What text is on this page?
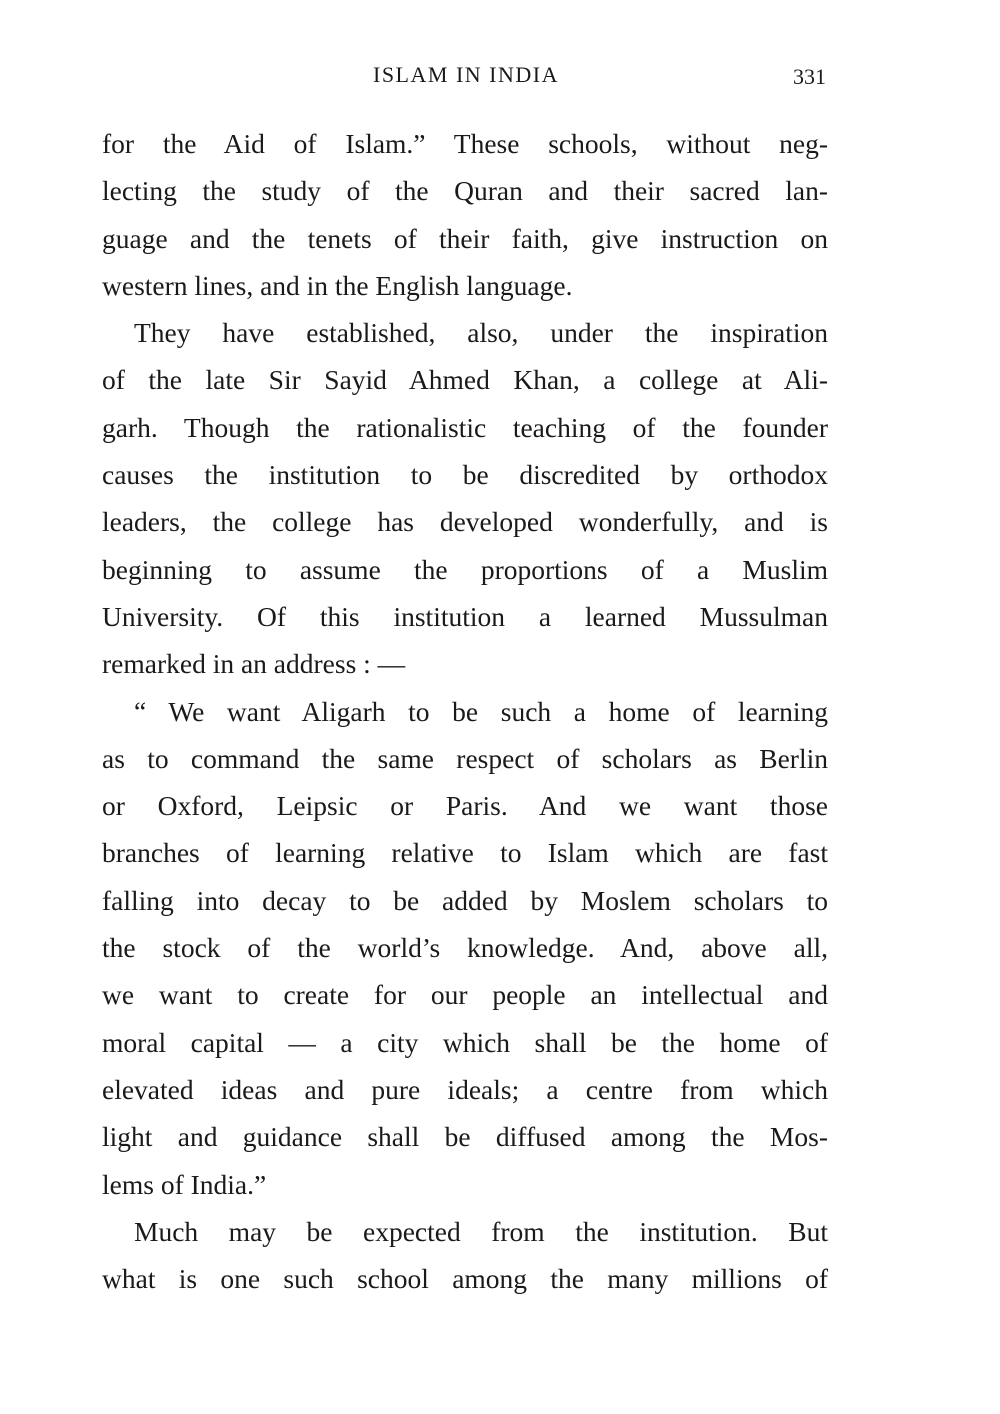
ISLAM IN INDIA	331
for the Aid of Islam.” These schools, without neg-
lecting the study of the Quran and their sacred lan-
guage and the tenets of their faith, give instruction on
western lines, and in the English language.
They have established, also, under the inspiration
of the late Sir Sayid Ahmed Khan, a college at Ali-
garh. Though the rationalistic teaching of the founder
causes the institution to be discredited by orthodox
leaders, the college has developed wonderfully, and is
beginning to assume the proportions of a Muslim
University. Of this institution a learned Mussulman
remarked in an address : —
“ We want Aligarh to be such a home of learning
as to command the same respect of scholars as Berlin
or Oxford, Leipsic or Paris. And we want those
branches of learning relative to Islam which are fast
falling into decay to be added by Moslem scholars to
the stock of the world’s knowledge. And, above all,
we want to create for our people an intellectual and
moral capital — a city which shall be the home of
elevated ideas and pure ideals; a centre from which
light and guidance shall be diffused among the Mos-
lems of India.”
Much may be expected from the institution. But
what is one such school among the many millions of
